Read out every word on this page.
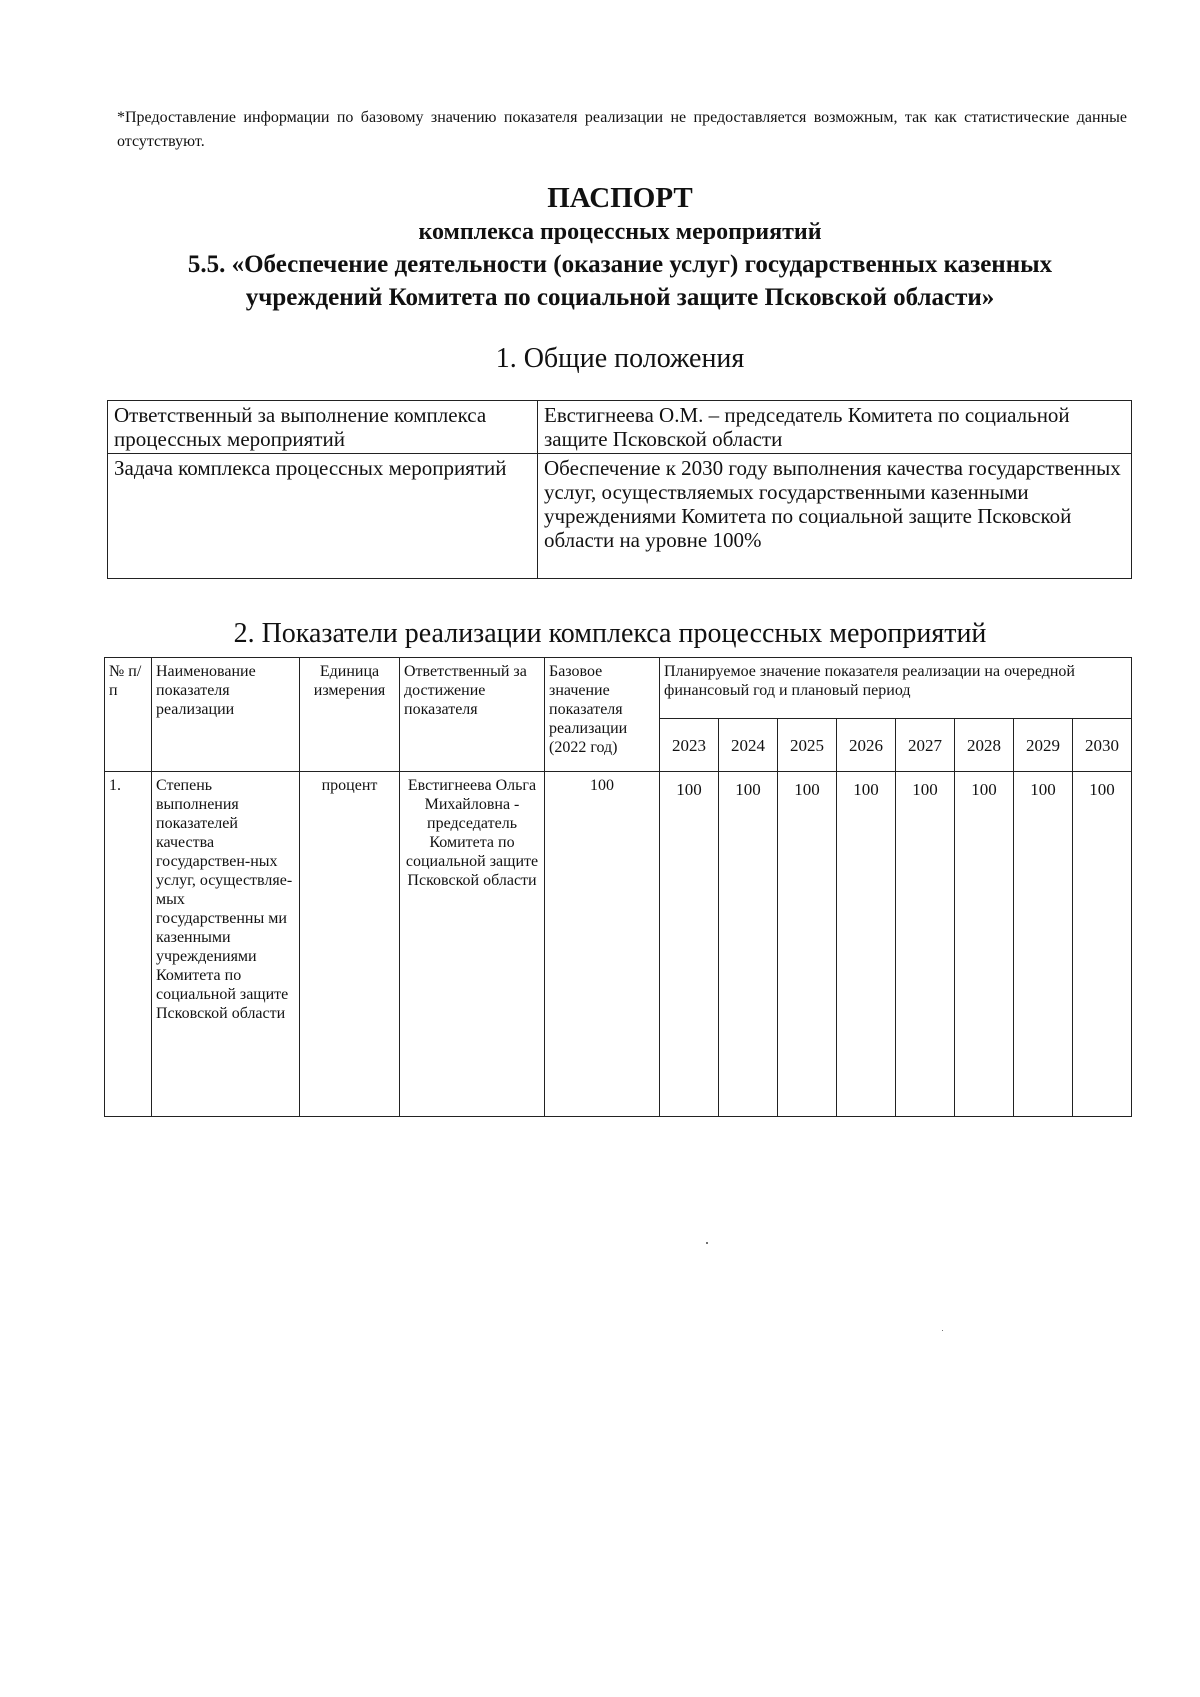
*Предоставление информации по базовому значению показателя реализации не предоставляется возможным, так как статистические данные отсутствуют.
ПАСПОРТ
комплекса процессных мероприятий
5.5. «Обеспечение деятельности (оказание услуг) государственных казенных
учреждений Комитета по социальной защите Псковской области»
1. Общие положения
Ответственный за выполнение комплекса процессных мероприятий	Евстигнеева О.М. – председатель Комитета по социальной защите Псковской области
Задача комплекса процессных мероприятий	Обеспечение к 2030 году выполнения качества государственных услуг, осуществляемых государственными казенными учреждениями Комитета по социальной защите Псковской области на уровне 100%
2. Показатели реализации комплекса процессных мероприятий
№ п/п	Наименование показателя реализации	Единица измерения	Ответственный за достижение показателя	Базовое значение показателя реализации (2022 год)	Планируемое значение показателя реализации на очередной финансовый год и плановый период							
					2023	2024	2025	2026	2027	2028	2029	2030
1.	Степень выполнения показателей качества государствен-ных услуг, осуществляе-мых государственны ми казенными учреждениями Комитета по социальной защите Псковской области	процент	Евстигнеева Ольга Михайловна - председатель Комитета по социальной защите Псковской области	100	100	100	100	100	100	100	100	100
